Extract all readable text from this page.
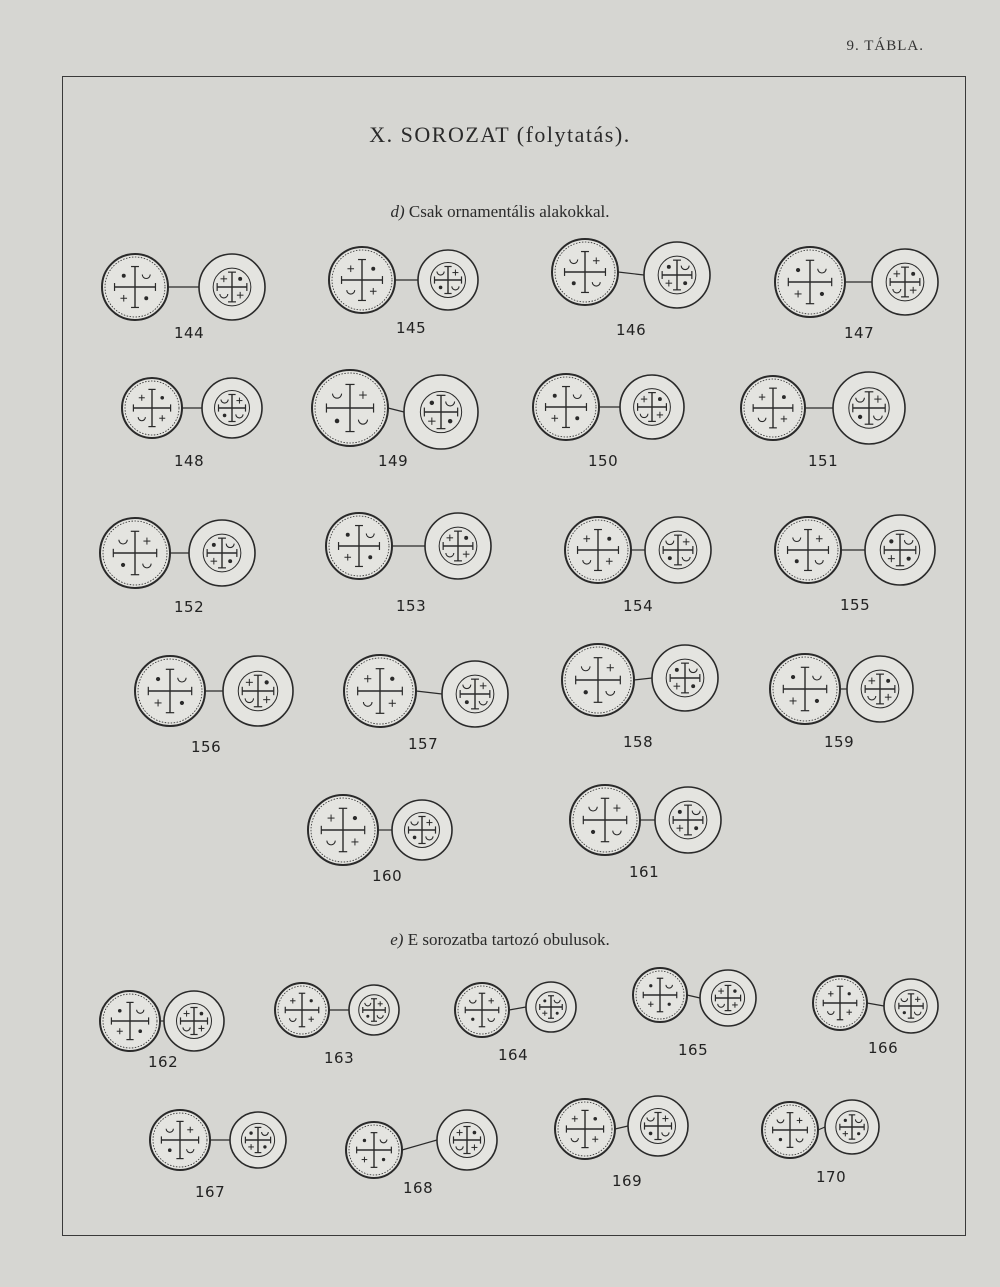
9. TÁBLA.
X. SOROZAT (folytatás).
d) Csak ornamentális alakokkal.
e) E sorozatba tartozó obulusok.
144	145	146	147
148	149	150	151
152	153	154	155
156	157	158	159
160	161
162	163	164	165	166
167	168	169	170
